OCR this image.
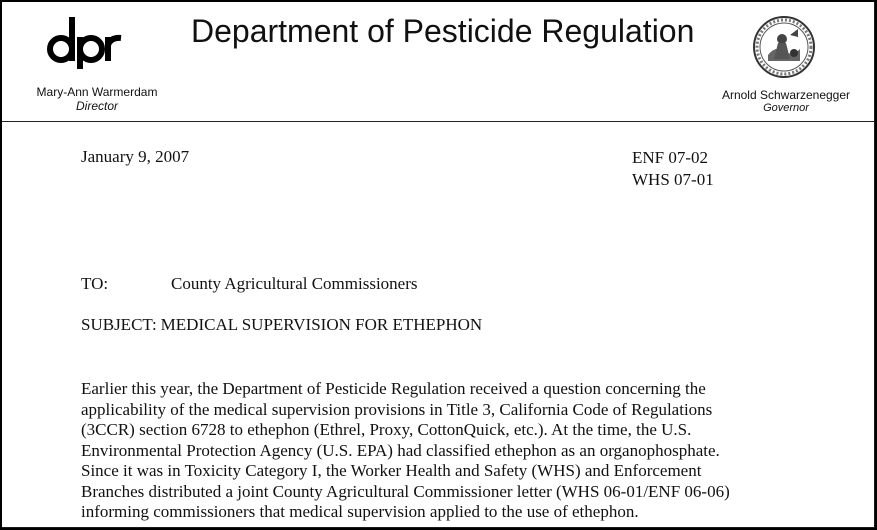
Department of Pesticide Regulation
Mary-Ann Warmerdam
Director
Arnold Schwarzenegger
Governor
January 9, 2007	ENF 07-02
WHS 07-01
TO:	County Agricultural Commissioners
SUBJECT: MEDICAL SUPERVISION FOR ETHEPHON
Earlier this year, the Department of Pesticide Regulation received a question concerning the
applicability of the medical supervision provisions in Title 3, California Code of Regulations
(3CCR) section 6728 to ethephon (Ethrel, Proxy, CottonQuick, etc.). At the time, the U.S.
Environmental Protection Agency (U.S. EPA) had classified ethephon as an organophosphate.
Since it was in Toxicity Category I, the Worker Health and Safety (WHS) and Enforcement
Branches distributed a joint County Agricultural Commissioner letter (WHS 06-01/ENF 06-06)
informing commissioners that medical supervision applied to the use of ethephon.
